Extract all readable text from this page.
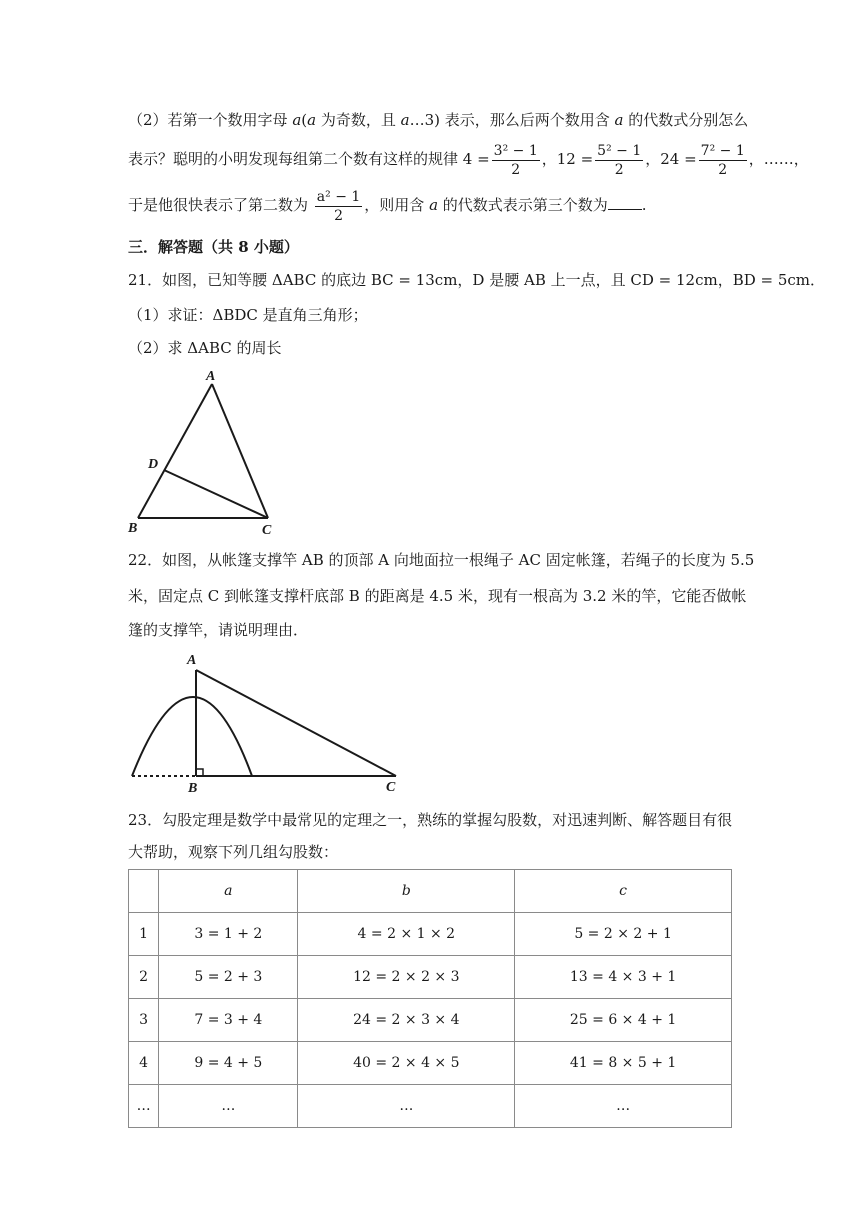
（2）若第一个数用字母 a(a 为奇数，且 a…3) 表示，那么后两个数用含 a 的代数式分别怎么
表示？聪明的小明发现每组第二个数有这样的规律 $4 = \frac{\text{3² − 1}}{2}$ ，$12 = \frac{\text{5² − 1}}{2}$ ，$24 = \frac{\text{7² − 1}}{2}$ ，……，
于是他很快表示了第二数为 $\frac{\text{a² − 1}}{2}$ ，则用含 a 的代数式表示第三个数为 .
三．解答题（共 8 小题）
21．如图，已知等腰 ΔABC 的底边 BC = 13cm，D 是腰 AB 上一点，且 CD = 12cm，BD = 5cm．
（1）求证：ΔBDC 是直角三角形；
（2）求 ΔABC 的周长
A
D
B	C
22．如图，从帐篷支撑竿 AB 的顶部 A 向地面拉一根绳子 AC 固定帐篷，若绳子的长度为 5.5
米，固定点 C 到帐篷支撑杆底部 B 的距离是 4.5 米，现有一根高为 3.2 米的竿，它能否做帐
篷的支撑竿，请说明理由．
A
B	C
23．勾股定理是数学中最常见的定理之一，熟练的掌握勾股数，对迅速判断、解答题目有很
大帮助，观察下列几组勾股数：
	a	b	c
1	3 = 1 + 2	4 = 2 × 1 × 2	5 = 2 × 2 + 1
2	5 = 2 + 3	12 = 2 × 2 × 3	13 = 4 × 3 + 1
3	7 = 3 + 4	24 = 2 × 3 × 4	25 = 6 × 4 + 1
4	9 = 4 + 5	40 = 2 × 4 × 5	41 = 8 × 5 + 1
…	…	…	…
